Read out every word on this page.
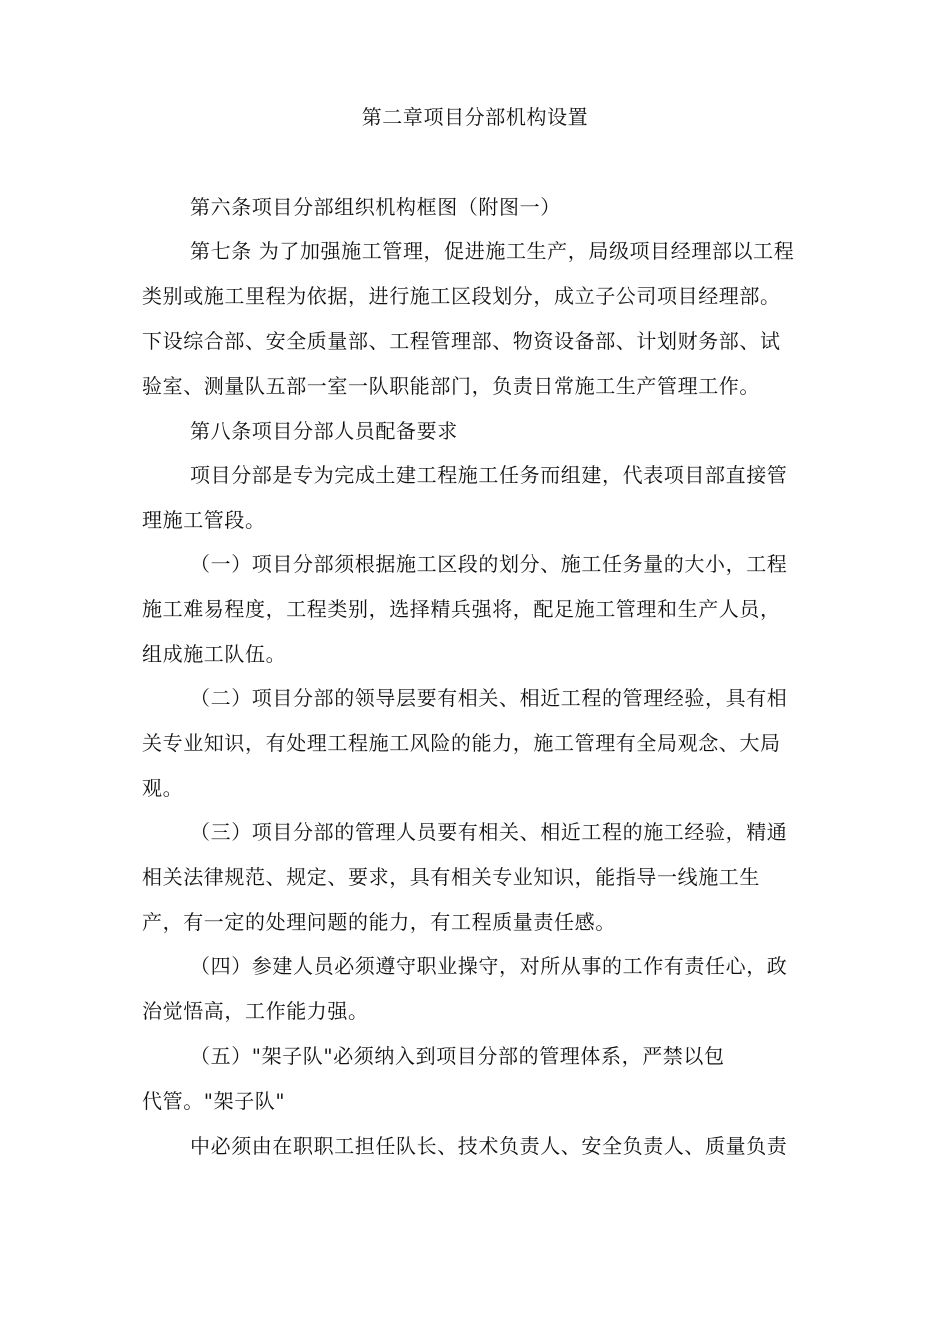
第二章项目分部机构设置
第六条项目分部组织机构框图（附图一）
第七条 为了加强施工管理，促进施工生产，局级项目经理部以工程
类别或施工里程为依据，进行施工区段划分，成立子公司项目经理部。
下设综合部、安全质量部、工程管理部、物资设备部、计划财务部、试
验室、测量队五部一室一队职能部门，负责日常施工生产管理工作。
第八条项目分部人员配备要求
项目分部是专为完成土建工程施工任务而组建，代表项目部直接管
理施工管段。
（一）项目分部须根据施工区段的划分、施工任务量的大小，工程
施工难易程度，工程类别，选择精兵强将，配足施工管理和生产人员，
组成施工队伍。
（二）项目分部的领导层要有相关、相近工程的管理经验，具有相
关专业知识，有处理工程施工风险的能力，施工管理有全局观念、大局
观。
（三）项目分部的管理人员要有相关、相近工程的施工经验，精通
相关法律规范、规定、要求，具有相关专业知识，能指导一线施工生
产，有一定的处理问题的能力，有工程质量责任感。
（四）参建人员必须遵守职业操守，对所从事的工作有责任心，政
治觉悟高，工作能力强。
（五）"架子队"必须纳入到项目分部的管理体系，严禁以包
代管。"架子队"
中必须由在职职工担任队长、技术负责人、安全负责人、质量负责
